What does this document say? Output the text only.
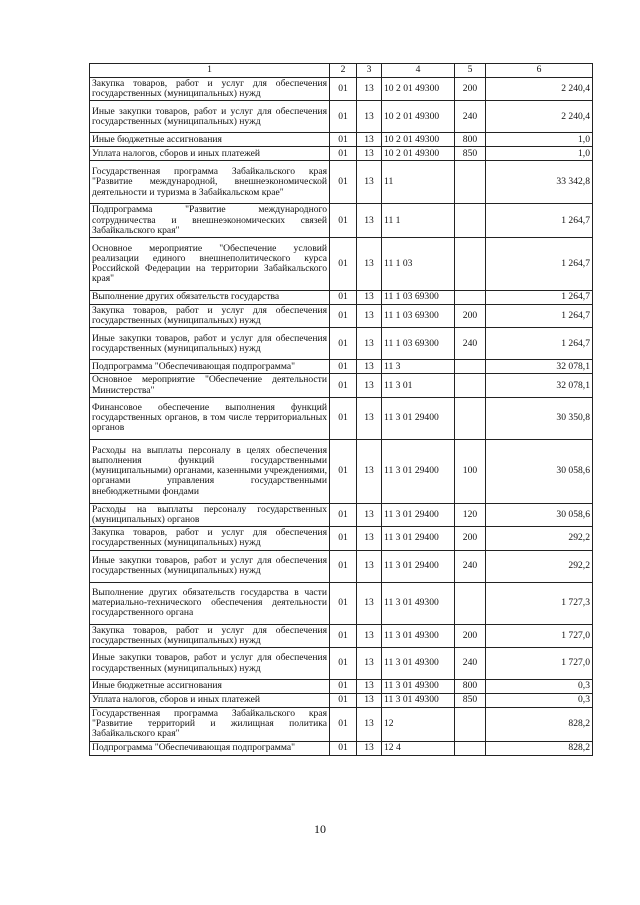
1	2	3	4	5	6
Закупка товаров, работ и услуг для обеспечения государственных (муниципальных) нужд	01	13	10 2 01 49300	200	2 240,4
Иные закупки товаров, работ и услуг для обеспечения государственных (муниципальных) нужд	01	13	10 2 01 49300	240	2 240,4
Иные бюджетные ассигнования	01	13	10 2 01 49300	800	1,0
Уплата налогов, сборов и иных платежей	01	13	10 2 01 49300	850	1,0
Государственная программа Забайкальского края "Развитие международной, внешнеэкономической деятельности и туризма в Забайкальском крае"	01	13	11		33 342,8
Подпрограмма "Развитие международного сотрудничества и внешнеэкономических связей Забайкальского края"	01	13	11 1		1 264,7
Основное мероприятие "Обеспечение условий реализации единого внешнеполитического курса Российской Федерации на территории Забайкальского края"	01	13	11 1 03		1 264,7
Выполнение других обязательств государства	01	13	11 1 03 69300		1 264,7
Закупка товаров, работ и услуг для обеспечения государственных (муниципальных) нужд	01	13	11 1 03 69300	200	1 264,7
Иные закупки товаров, работ и услуг для обеспечения государственных (муниципальных) нужд	01	13	11 1 03 69300	240	1 264,7
Подпрограмма "Обеспечивающая подпрограмма"	01	13	11 3		32 078,1
Основное мероприятие "Обеспечение деятельности Министерства"	01	13	11 3 01		32 078,1
Финансовое обеспечение выполнения функций государственных органов, в том числе территориальных органов	01	13	11 3 01 29400		30 350,8
Расходы на выплаты персоналу в целях обеспечения выполнения функций государственными (муниципальными) органами, казенными учреждениями, органами управления государственными внебюджетными фондами	01	13	11 3 01 29400	100	30 058,6
Расходы на выплаты персоналу государственных (муниципальных) органов	01	13	11 3 01 29400	120	30 058,6
Закупка товаров, работ и услуг для обеспечения государственных (муниципальных) нужд	01	13	11 3 01 29400	200	292,2
Иные закупки товаров, работ и услуг для обеспечения государственных (муниципальных) нужд	01	13	11 3 01 29400	240	292,2
Выполнение других обязательств государства в части материально-технического обеспечения деятельности государственного органа	01	13	11 3 01 49300		1 727,3
Закупка товаров, работ и услуг для обеспечения государственных (муниципальных) нужд	01	13	11 3 01 49300	200	1 727,0
Иные закупки товаров, работ и услуг для обеспечения государственных (муниципальных) нужд	01	13	11 3 01 49300	240	1 727,0
Иные бюджетные ассигнования	01	13	11 3 01 49300	800	0,3
Уплата налогов, сборов и иных платежей	01	13	11 3 01 49300	850	0,3
Государственная программа Забайкальского края "Развитие территорий и жилищная политика Забайкальского края"	01	13	12		828,2
Подпрограмма "Обеспечивающая подпрограмма"	01	13	12 4		828,2
10
